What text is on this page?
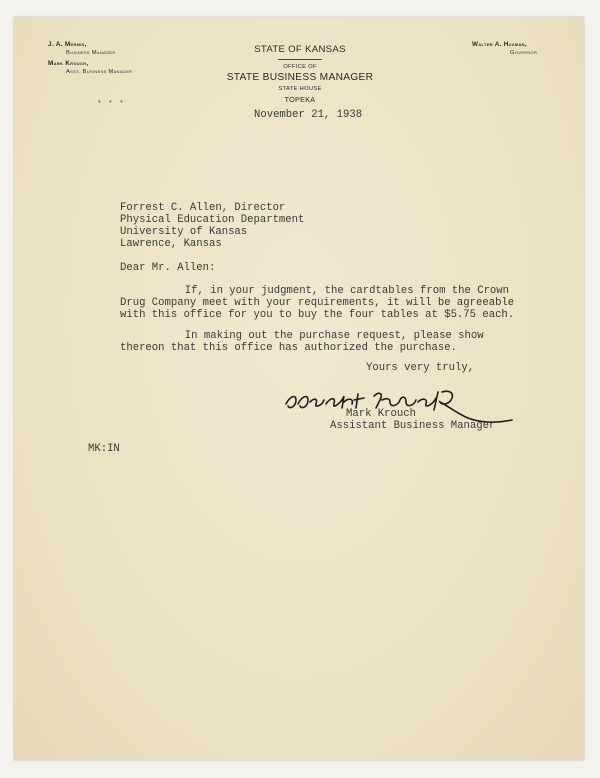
J. A. Mermis,
Business Manager
Mark Krouch,
Asst. Business Manager
• • •
STATE OF KANSAS
OFFICE OF
STATE BUSINESS MANAGER
STATE HOUSE
TOPEKA
Walter A. Huxman,
Governor
November 21, 1938
Forrest C. Allen, Director
Physical Education Department
University of Kansas
Lawrence, Kansas
Dear Mr. Allen:
If, in your judgment, the cardtables from the Crown
Drug Company meet with your requirements, it will be agreeable
with this office for you to buy the four tables at $5.75 each.
In making out the purchase request, please show
thereon that this office has authorized the purchase.
Yours very truly,
Mark Krouch
Assistant Business Manager
MK:IN
